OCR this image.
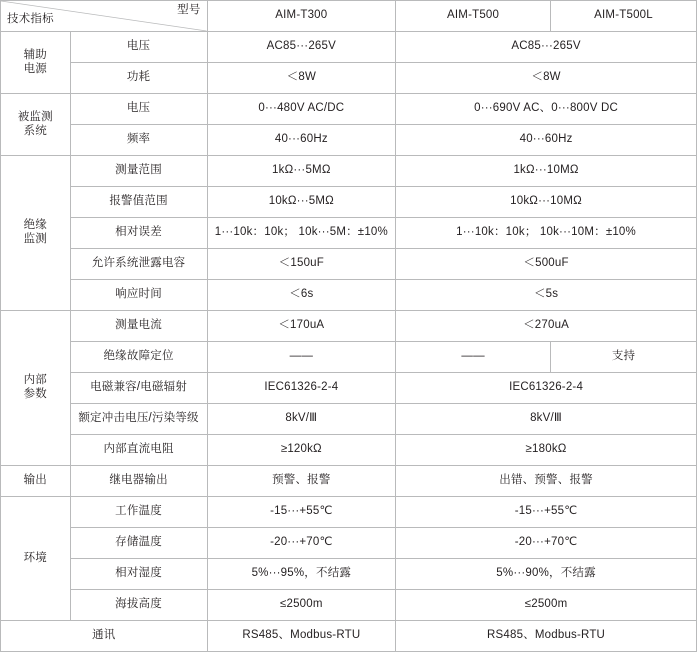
型号
技术指标		AIM-T300	AIM-T500	AIM-T500L

辅助
电源	电压	AC85···265V	AC85···265V	
	功耗	＜8W	＜8W	

被监测
系统	电压	0···480V AC/DC	0···690V AC、0···800V DC	
	频率	40···60Hz	40···60Hz	

绝缘
监测	测量范围	1kΩ···5MΩ	1kΩ···10MΩ	
	报警值范围	10kΩ···5MΩ	10kΩ···10MΩ	
	相对误差	1···10k：10k； 10k···5M：±10%	1···10k：10k； 10k···10M：±10%	
	允许系统泄露电容	＜150uF	＜500uF	
	响应时间	＜6s	＜5s	

内部
参数	测量电流	＜170uA	＜270uA	
	绝缘故障定位	——	——	支持
	电磁兼容/电磁辐射	IEC61326-2-4	IEC61326-2-4	
	额定冲击电压/污染等级	8kV/Ⅲ	8kV/Ⅲ	
	内部直流电阻	≥120kΩ	≥180kΩ	
输出	继电器输出	预警、报警	出错、预警、报警	
环境	工作温度	-15···+55℃	-15···+55℃	
	存储温度	-20···+70℃	-20···+70℃	
	相对湿度	5%···95%，不结露	5%···90%，不结露	
	海拔高度	≤2500m	≤2500m	
通讯		RS485、Modbus-RTU	RS485、Modbus-RTU	
